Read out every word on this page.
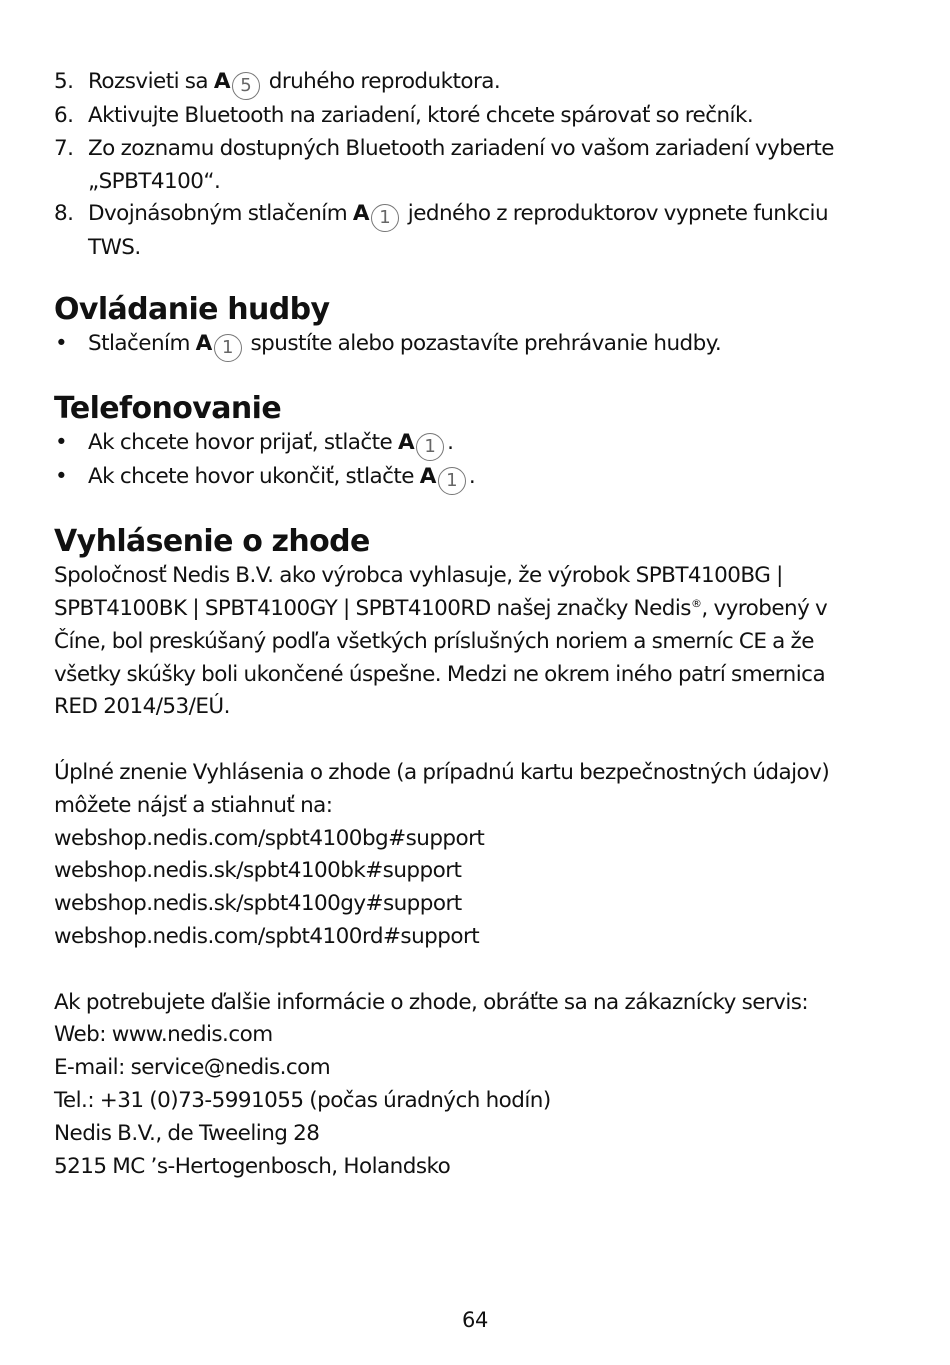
5. Rozsvieti sa A 5 druhého reproduktora.
6. Aktivujte Bluetooth na zariadení, ktoré chcete spárovať so rečník.
7. Zo zoznamu dostupných Bluetooth zariadení vo vašom zariadení vyberte „SPBT4100“.
8. Dvojnásobným stlačením A 1 jedného z reproduktorov vypnete funkciu TWS.
Ovládanie hudby
• Stlačením A 1 spustíte alebo pozastavíte prehrávanie hudby.
Telefonovanie
• Ak chcete hovor prijať, stlačte A 1 .
• Ak chcete hovor ukončiť, stlačte A 1 .
Vyhlásenie o zhode

Spoločnosť Nedis B.V. ako výrobca vyhlasuje, že výrobok SPBT4100BG | SPBT4100BK | SPBT4100GY | SPBT4100RD našej značky Nedis®, vyrobený v Číne, bol preskúšaný podľa všetkých príslušných noriem a smerníc CE a že všetky skúšky boli ukončené úspešne. Medzi ne okrem iného patrí smernica RED 2014/53/EÚ.

Úplné znenie Vyhlásenia o zhode (a prípadnú kartu bezpečnostných údajov) môžete nájsť a stiahnuť na:

webshop.nedis.com/spbt4100bg#support
webshop.nedis.sk/spbt4100bk#support
webshop.nedis.sk/spbt4100gy#support
webshop.nedis.com/spbt4100rd#support

Ak potrebujete ďalšie informácie o zhode, obráťte sa na zákaznícky servis:

Web: www.nedis.com
E-mail: service@nedis.com
Tel.: +31 (0)73-5991055 (počas úradných hodín)
Nedis B.V., de Tweeling 28
5215 MC ’s-Hertogenbosch, Holandsko
64
